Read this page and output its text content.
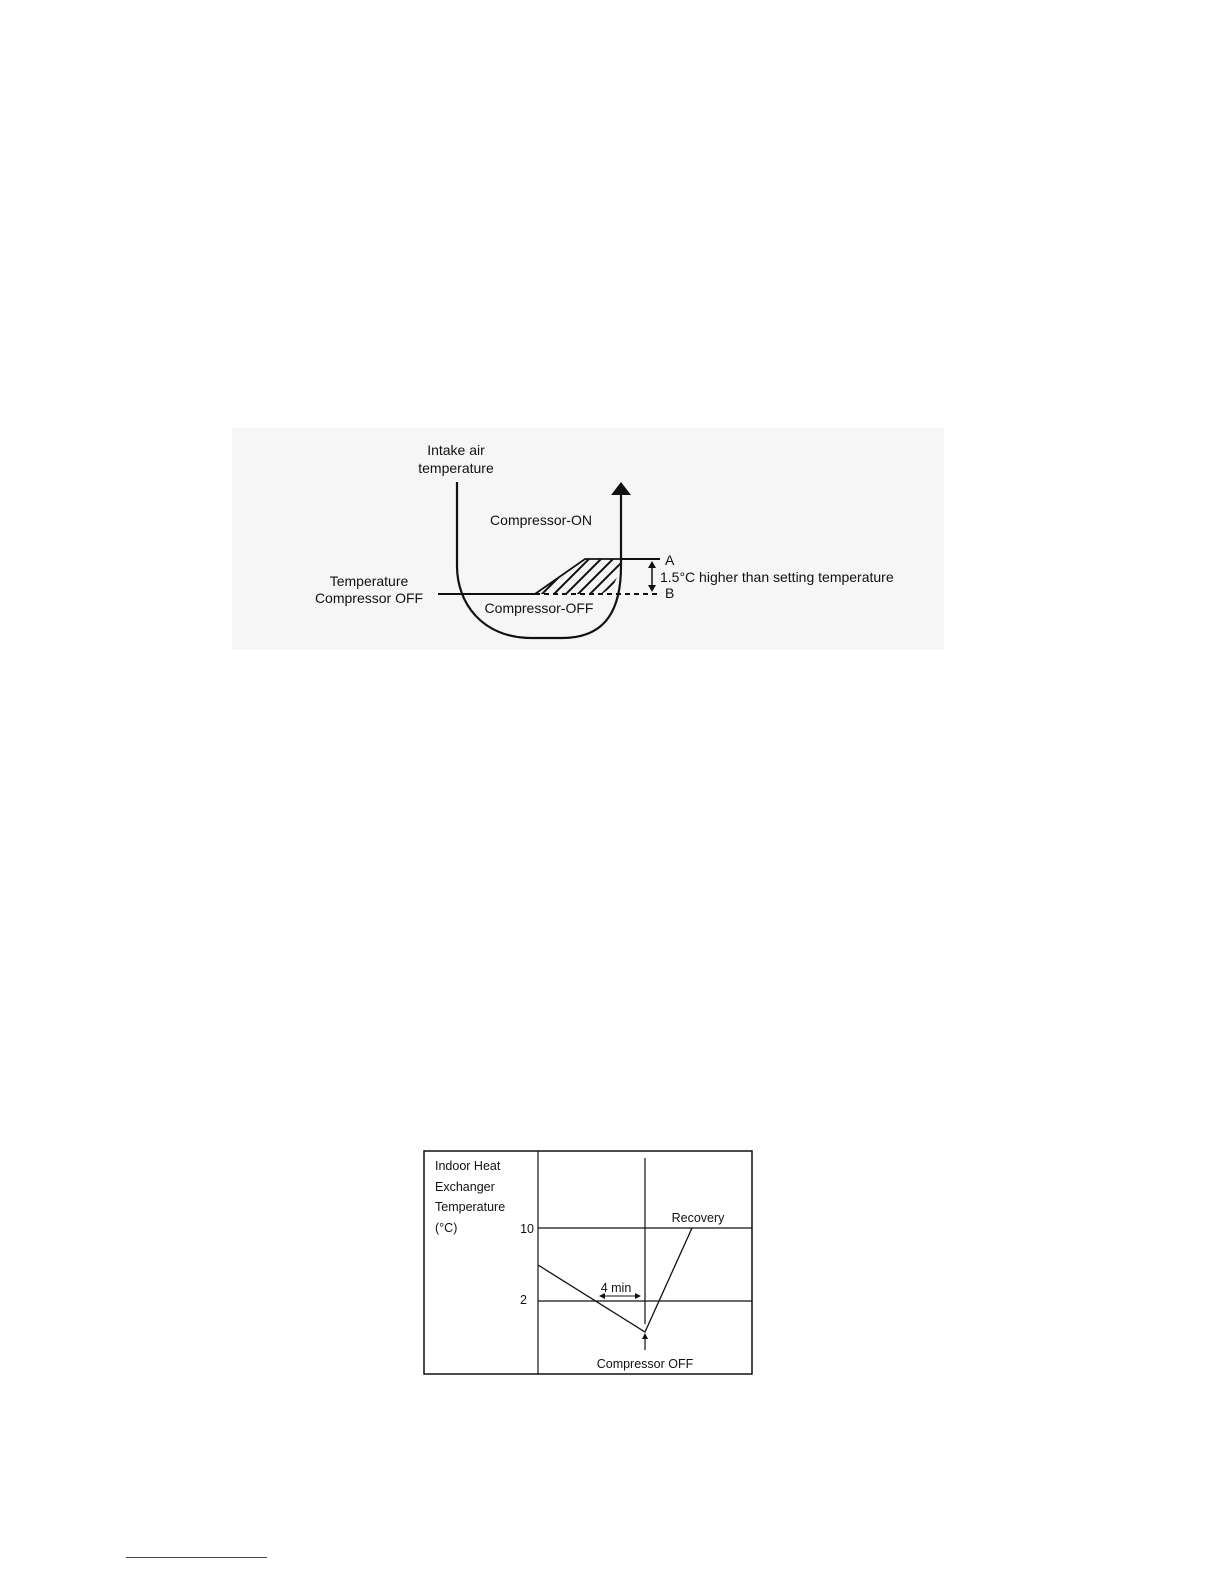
Intake air
temperature
Compressor-ON
Compressor-OFF
Temperature
Compressor OFF
A
B
1.5°C higher than setting temperature
Indoor Heat
Exchanger
Temperature
(°C)	10
2
4 min
Recovery
Compressor OFF
